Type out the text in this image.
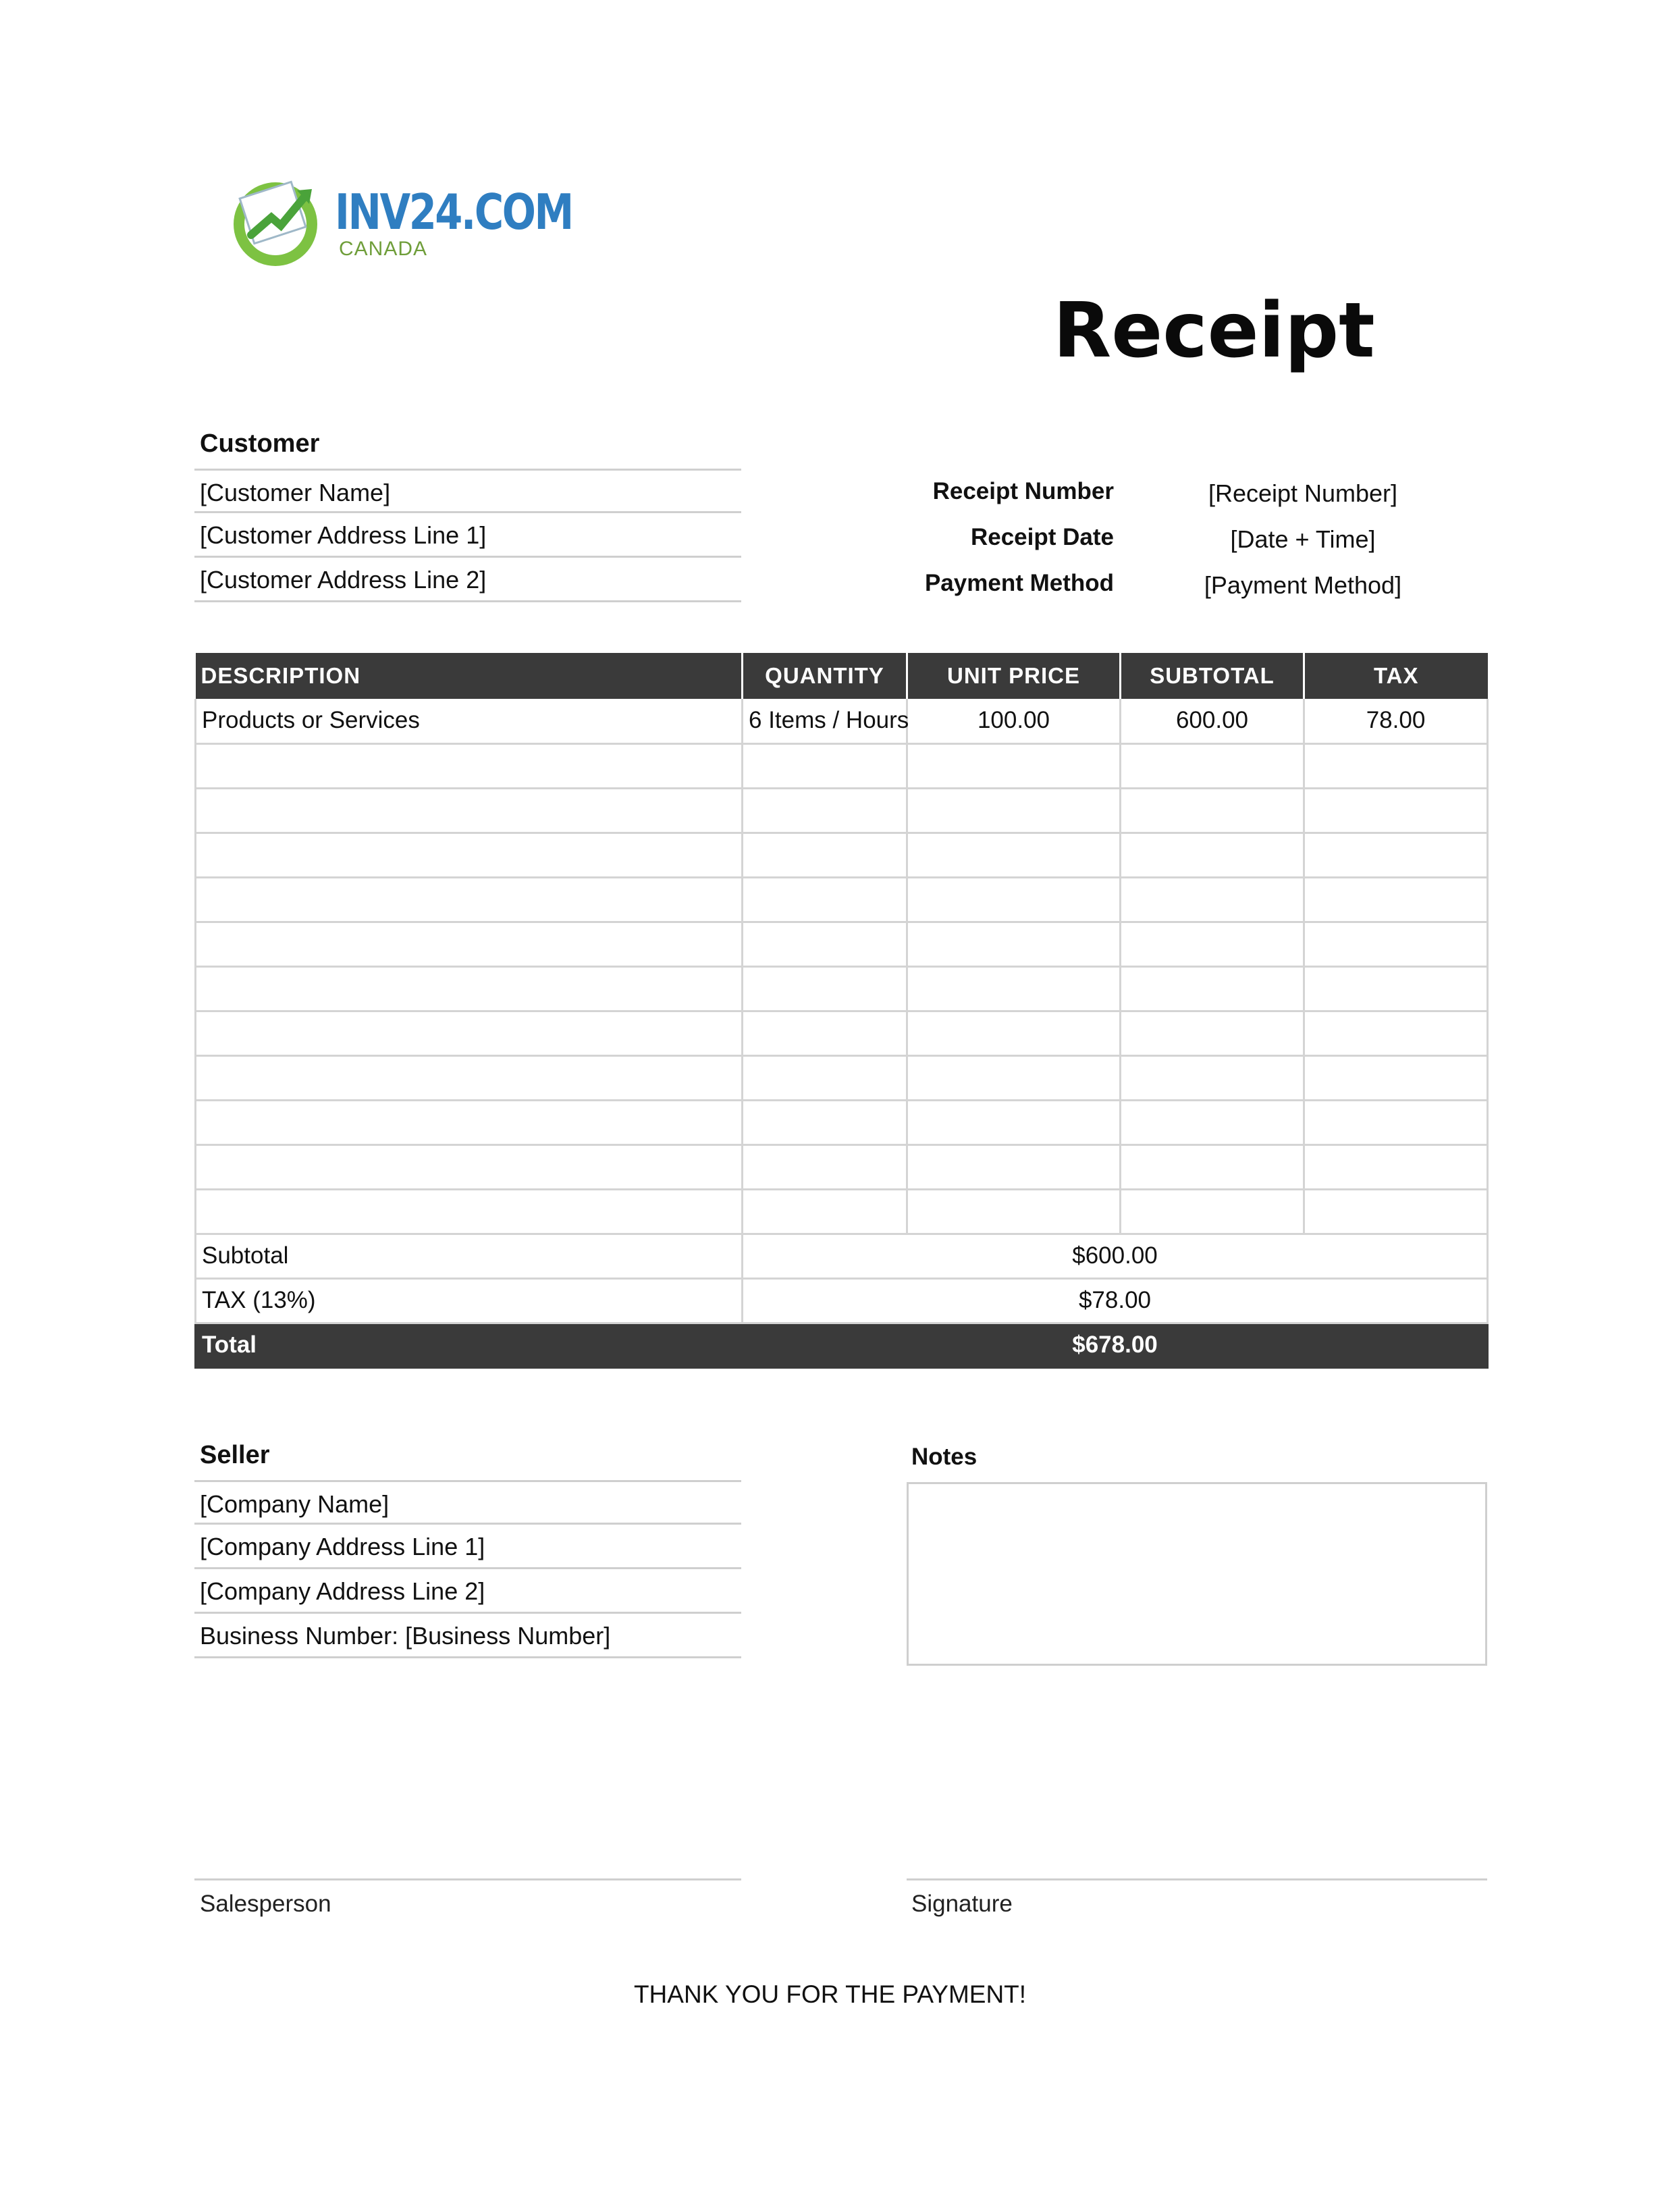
INV24.COM
CANADA
Receipt
Customer
[Customer Name]
[Customer Address Line 1]
[Customer Address Line 2]
Receipt Number	[Receipt Number]
Receipt Date	[Date + Time]
Payment Method	[Payment Method]
DESCRIPTION	QUANTITY	UNIT PRICE	SUBTOTAL	TAX
Products or Services	6 Items / Hours	100.00	600.00	78.00

Subtotal	$600.00			
TAX (13%)	$78.00			
Total	$678.00			
Seller
[Company Name]
[Company Address Line 1]
[Company Address Line 2]
Business Number: [Business Number]
Notes
Salesperson	Signature
THANK YOU FOR THE PAYMENT!
